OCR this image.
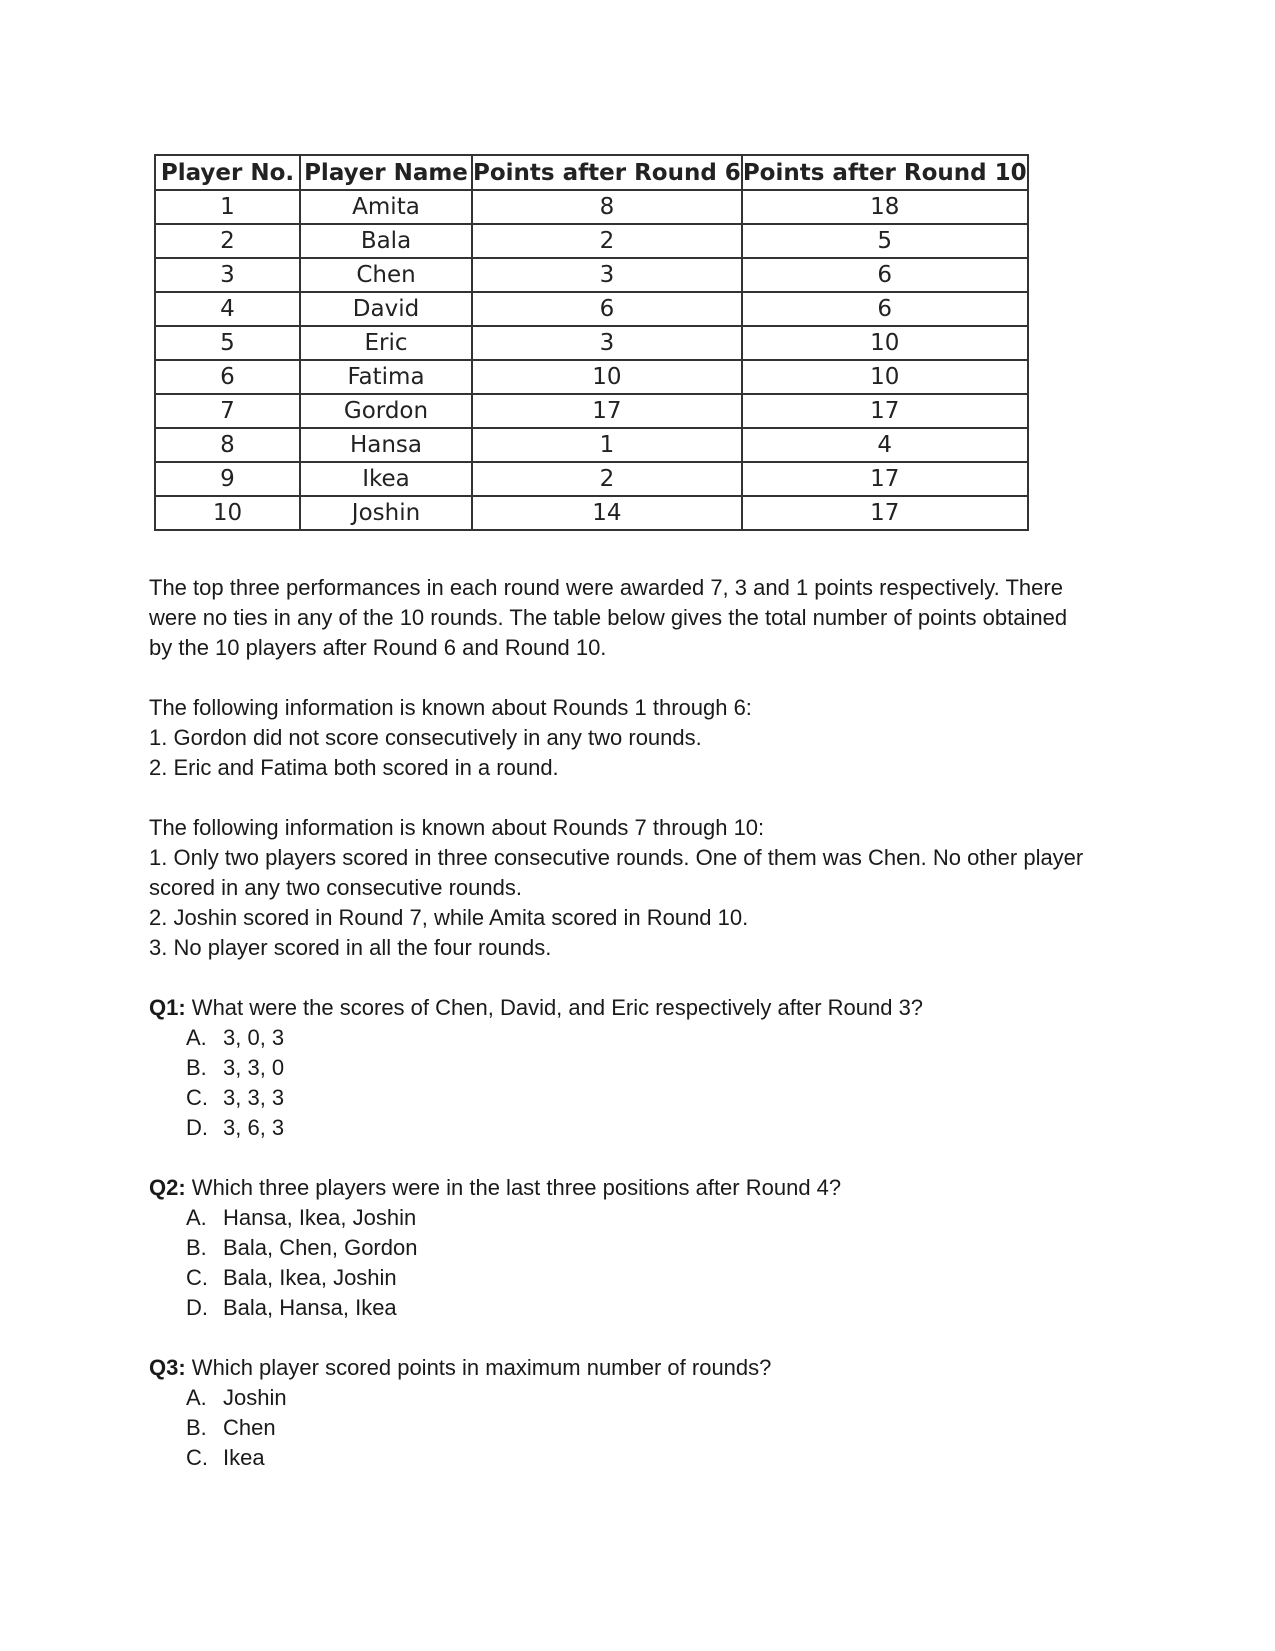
Player No.	Player Name	Points after Round 6	Points after Round 10
1	Amita	8	18
2	Bala	2	5
3	Chen	3	6
4	David	6	6
5	Eric	3	10
6	Fatima	10	10
7	Gordon	17	17
8	Hansa	1	4
9	Ikea	2	17
10	Joshin	14	17

The top three performances in each round were awarded 7, 3 and 1 points respectively. There

were no ties in any of the 10 rounds. The table below gives the total number of points obtained

by the 10 players after Round 6 and Round 10.

The following information is known about Rounds 1 through 6:

1. Gordon did not score consecutively in any two rounds.

2. Eric and Fatima both scored in a round.

The following information is known about Rounds 7 through 10:

1. Only two players scored in three consecutive rounds. One of them was Chen. No other player

scored in any two consecutive rounds.

2. Joshin scored in Round 7, while Amita scored in Round 10.

3. No player scored in all the four rounds.

Q1: What were the scores of Chen, David, and Eric respectively after Round 3?

A. 3, 0, 3
B. 3, 3, 0
C. 3, 3, 3
D. 3, 6, 3

Q2: Which three players were in the last three positions after Round 4?

A. Hansa, Ikea, Joshin
B. Bala, Chen, Gordon
C. Bala, Ikea, Joshin
D. Bala, Hansa, Ikea

Q3: Which player scored points in maximum number of rounds?

A. Joshin
B. Chen
C. Ikea
